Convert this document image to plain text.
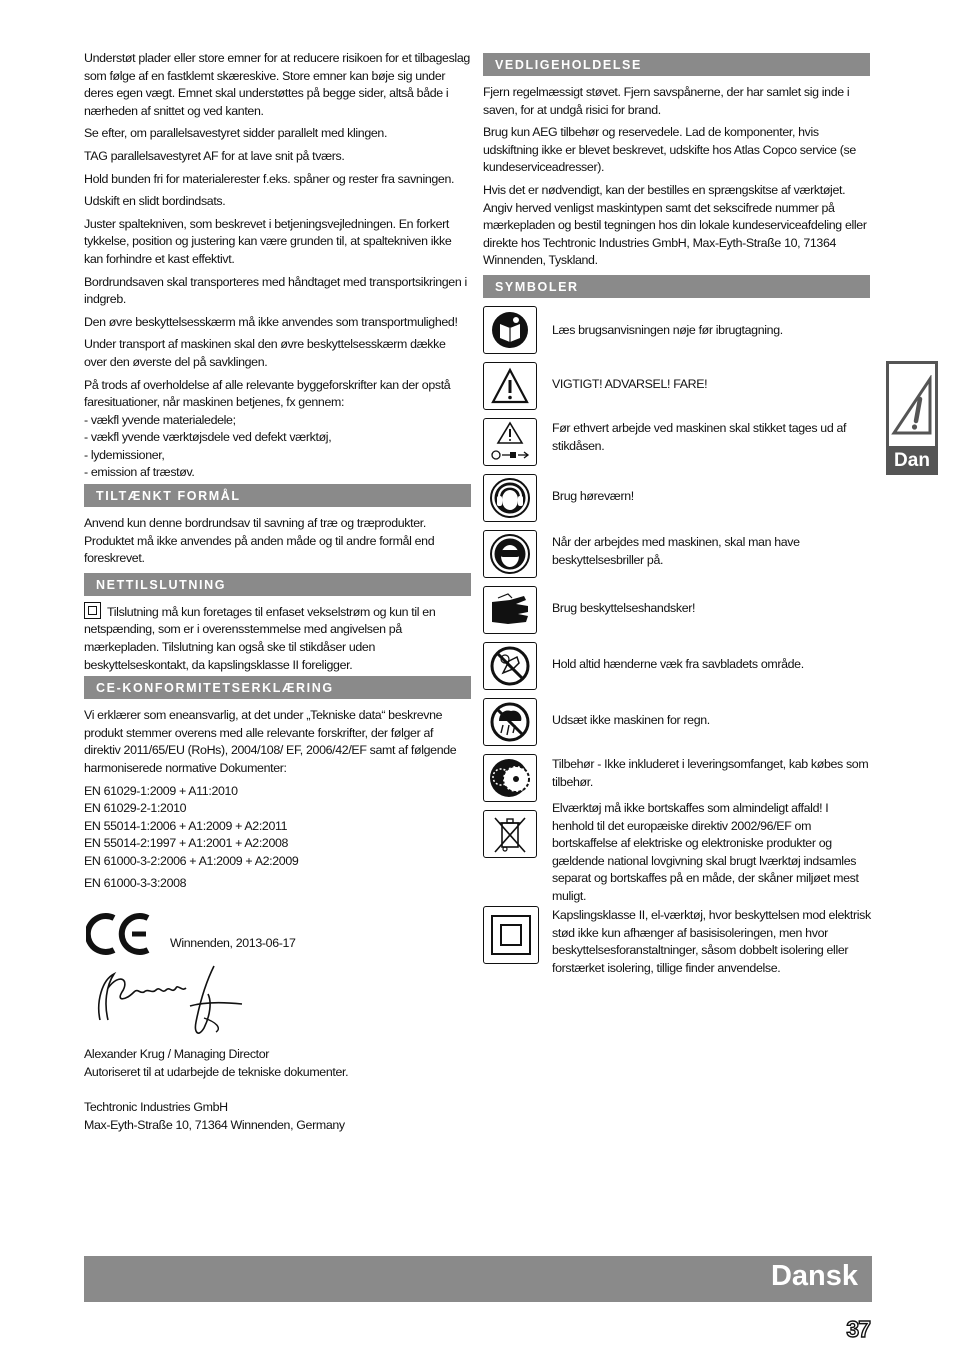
Understøt plader eller store emner for at reducere risikoen for et tilbageslag som følge af en fastklemt skæreskive. Store emner kan bøje sig under deres egen vægt. Emnet skal understøttes på begge sider, altså både i nærheden af snittet og ved kanten.

Se efter, om parallelsavestyret sidder parallelt med klingen.

TAG parallelsavestyret AF for at lave snit på tværs.

Hold bunden fri for materialerester f.eks. spåner og rester fra savningen.

Udskift en slidt bordindsats.

Juster spaltekniven, som beskrevet i betjeningsvejledningen. En forkert tykkelse, position og justering kan være grunden til, at spaltekniven ikke kan forhindre et kast effektivt.

Bordrundsaven skal transporteres med håndtaget med transportsikringen i indgreb.

Den øvre beskyttelsesskærm må ikke anvendes som transportmulighed!

Under transport af maskinen skal den øvre beskyttelsesskærm dække over den øverste del på savklingen.

På trods af overholdelse af alle relevante byggeforskrifter kan der opstå faresituationer, når maskinen betjenes, fx gennem:

- vækfl yvende materialedele;

- vækfl yvende værktøjsdele ved defekt værktøj,

- lydemissioner,

- emission af træstøv.

TILTÆNKT FORMÅL

Anvend kun denne bordrundsav til savning af træ og træprodukter. Produktet må ikke anvendes på anden måde og til andre formål end foreskrevet.

NETTILSLUTNING

Tilslutning må kun foretages til enfaset vekselstrøm og kun til en netspænding, som er i overensstemmelse med angivelsen på mærkepladen. Tilslutning kan også ske til stikdåser uden beskyttelseskontakt, da kapslingsklasse II foreligger.

CE-KONFORMITETSERKLÆRING

Vi erklærer som eneansvarlig, at det under „Tekniske data“ beskrevne produkt stemmer overens med alle relevante forskrifter, der følger af direktiv 2011/65/EU (RoHs), 2004/108/ EF, 2006/42/EF samt af følgende harmoniserede normative Dokumenter:

EN 61029-1:2009 + A11:2010

EN 61029-2-1:2010

EN 55014-1:2006 + A1:2009 + A2:2011

EN 55014-2:1997 + A1:2001 + A2:2008

EN 61000-3-2:2006 + A1:2009 + A2:2009

EN 61000-3-3:2008

Winnenden, 2013-06-17

Alexander Krug / Managing Director

Autoriseret til at udarbejde de tekniske dokumenter.

Techtronic Industries GmbH

Max-Eyth-Straße 10, 71364 Winnenden, Germany

VEDLIGEHOLDELSE

Fjern regelmæssigt støvet. Fjern savspånerne, der har samlet sig inde i saven, for at undgå risici for brand.

Brug kun AEG tilbehør og reservedele. Lad de komponenter, hvis udskiftning ikke er blevet beskrevet, udskifte hos Atlas Copco service (se kundeserviceadresser).

Hvis det er nødvendigt, kan der bestilles en sprængskitse af værktøjet. Angiv herved venligst maskintypen samt det sekscifrede nummer på mærkepladen og bestil tegningen hos din lokale kundeserviceafdeling eller direkte hos Techtronic Industries GmbH, Max-Eyth-Straße 10, 71364 Winnenden, Tyskland.

SYMBOLER
Læs brugsanvisningen nøje før ibrugtagning.
VIGTIGT! ADVARSEL! FARE!
Før ethvert arbejde ved maskinen skal stikket tages ud af stikdåsen.
Brug høreværn!
Når der arbejdes med maskinen, skal man have beskyttelsesbriller på.
Brug beskyttelseshandsker!
Hold altid hænderne væk fra savbladets område.
Udsæt ikke maskinen for regn.
Tilbehør - Ikke inkluderet i leveringsomfanget, kab købes som tilbehør.
Elværktøj må ikke bortskaffes som almindeligt affald! I henhold til det europæiske direktiv 2002/96/EF om bortskaffelse af elektriske og elektroniske produkter og gældende national lovgivning skal brugt lværktøj indsamles separat og bortskaffes på en måde, der skåner miljøet mest muligt.
Kapslingsklasse II, el-værktøj, hvor beskyttelsen mod elektrisk stød ikke kun afhænger af basisisoleringen, men hvor beskyttelsesforanstaltninger, såsom dobbelt isolering eller forstærket isolering, tillige finder anvendelse.
Dan
Dansk
37
